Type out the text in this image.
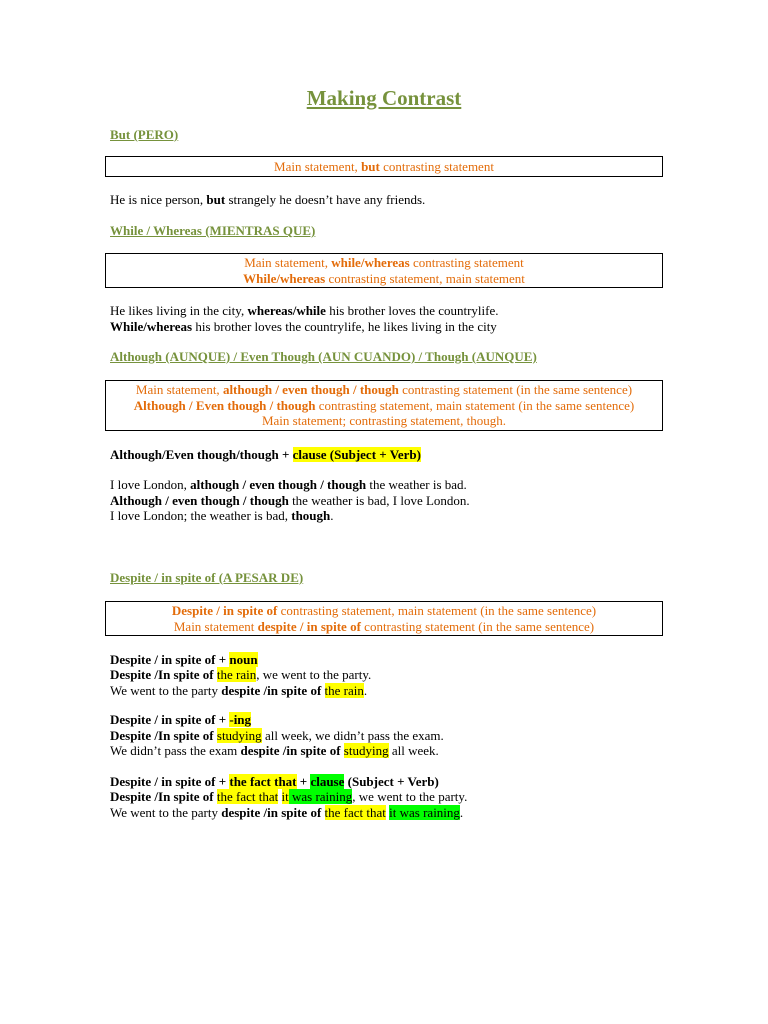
Making Contrast
But (PERO)
Main statement, but contrasting statement
He is nice person, but strangely he doesn’t have any friends.
While / Whereas (MIENTRAS QUE)
Main statement, while/whereas contrasting statement
While/whereas contrasting statement, main statement
He likes living in the city, whereas/while his brother loves the countrylife.
While/whereas his brother loves the countrylife, he likes living in the city
Although (AUNQUE) / Even Though (AUN CUANDO) / Though (AUNQUE)
Main statement, although / even though / though contrasting statement (in the same sentence)
Although / Even though / though contrasting statement, main statement (in the same sentence)
Main statement; contrasting statement, though.
Although/Even though/though + clause (Subject + Verb)
I love London, although / even though / though the weather is bad.
Although / even though / though the weather is bad, I love London.
I love London; the weather is bad, though.
Despite / in spite of (A PESAR DE)
Despite / in spite of contrasting statement, main statement (in the same sentence)
Main statement despite / in spite of contrasting statement (in the same sentence)
Despite / in spite of + noun
Despite /In spite of the rain, we went to the party.
We went to the party despite /in spite of the rain.
Despite / in spite of + -ing
Despite /In spite of studying all week, we didn’t pass the exam.
We didn’t pass the exam despite /in spite of studying all week.
Despite / in spite of + the fact that + clause (Subject + Verb)
Despite /In spite of the fact that it was raining, we went to the party.
We went to the party despite /in spite of the fact that it was raining.
